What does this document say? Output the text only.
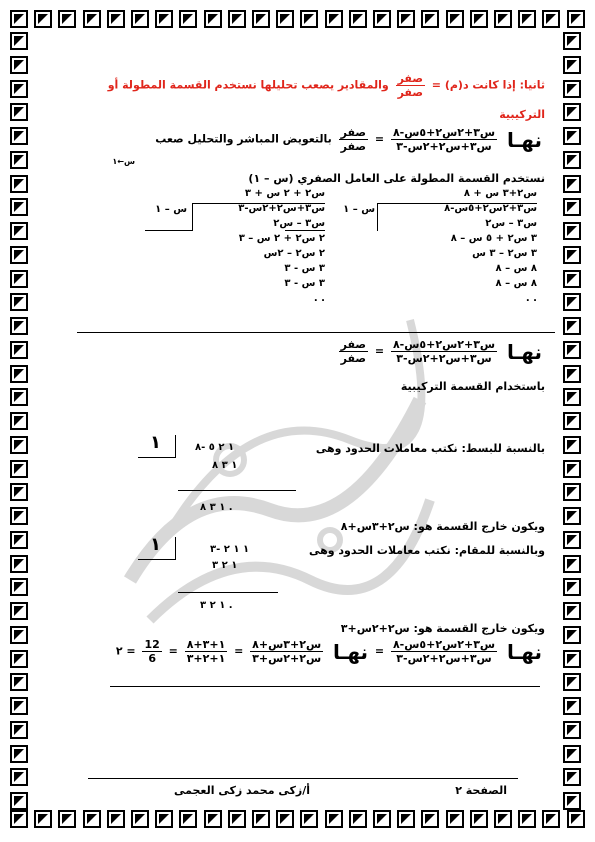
ثانيا: إذا كانت د(م) =
$\frac{\text{صفر}}{\text{صفر}}$
والمقادير يصعب تحليلها نستخدم القسمة المطولة أو
التركيبية
نهـا
$\frac{\text{س٣+٢س٢+٥س-٨}}{\text{س٣+س٢+٢س-٣}}$
=
$\frac{\text{صفر}}{\text{صفر}}$
بالتعويض المباشر والتحليل صعب
س←١
نستخدم القسمة المطولة على العامل الصفري (س – ١)
س٢+٣ س + ٨
س٣+٢س٢+٥س-٨
س٣ – س٢
٣ س٢ + ٥ س – ٨
٣ س٢ – ٣ س
٨ س – ٨
٨ س – ٨
. .
س – ١
س٢ + ٢ س + ٣
س٣+س٢+٢س-٣
س٣ – س٢
٢ س٢ + ٢ س – ٣
٢ س٢ – ٢س
٣ س - ٣
٣ س - ٣
. .
س – ١
نهـا
$\frac{\text{س٣+٢س٢+٥س-٨}}{\text{س٣+س٢+٢س-٣}}$
=
$\frac{\text{صفر}}{\text{صفر}}$
باستخدام القسمة التركيبية
بالنسبة للبسط: نكتب معاملات الحدود وهى
١ ٢ ٥ -٨
١
١ ٣ ٨
١ ٣ ٨ .
ويكون خارج القسمة هو: س٢+٣س+٨
وبالنسبة للمقام: نكتب معاملات الحدود وهى
١ ١ ٢ -٣
١
١ ٢ ٣
١ ٢ ٣ .
ويكون خارج القسمة هو: س٢+٢س+٣
نهـا
$\frac{\text{س٣+٢س٢+٥س-٨}}{\text{س٣+س٢+٢س-٣}}$
= نهـا
$\frac{\text{س٢+٣س+٨}}{\text{س٢+٢س+٣}}$
=
$\frac{١+٣+٨}{١+٢+٣}$
=
$\frac{12}{6}$
= ٢
الصفحة ٢
أ/زكى محمد زكى العجمى
